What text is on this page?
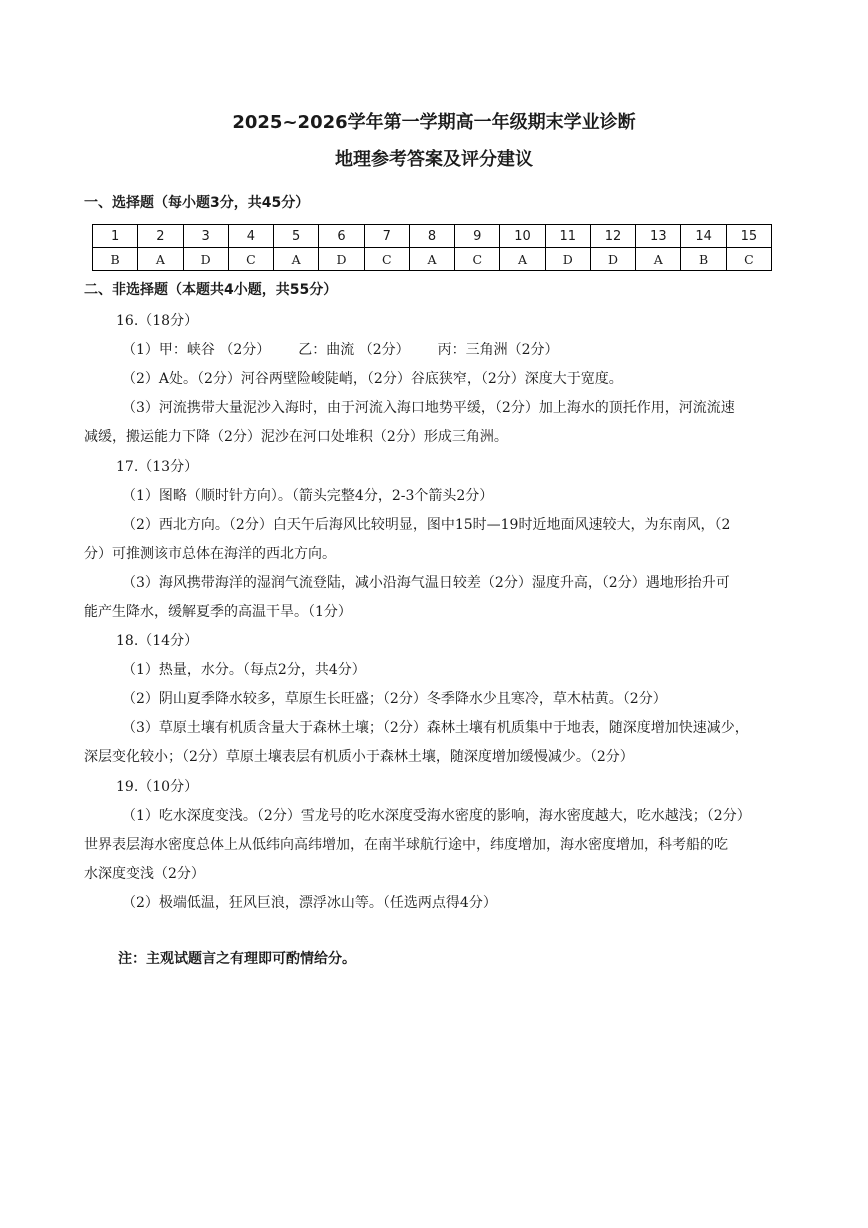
2025~2026学年第一学期高一年级期末学业诊断
地理参考答案及评分建议
一、选择题（每小题3分，共45分）
1	2	3	4	5	6	7	8	9	10	11	12	13	14	15
B	A	D	C	A	D	C	A	C	A	D	D	A	B	C
二、非选择题（本题共4小题，共55分）
16.（18分）
（1）甲：峡谷 （2分） 乙：曲流 （2分） 丙：三角洲（2分）
（2）A处。（2分）河谷两壁险峻陡峭，（2分）谷底狭窄，（2分）深度大于宽度。
（3）河流携带大量泥沙入海时，由于河流入海口地势平缓，（2分）加上海水的顶托作用，河流流速
减缓，搬运能力下降（2分）泥沙在河口处堆积（2分）形成三角洲。
17.（13分）
（1）图略（顺时针方向）。（箭头完整4分，2-3个箭头2分）
（2）西北方向。（2分）白天午后海风比较明显，图中15时—19时近地面风速较大，为东南风，（2
分）可推测该市总体在海洋的西北方向。
（3）海风携带海洋的湿润气流登陆，减小沿海气温日较差（2分）湿度升高，（2分）遇地形抬升可
能产生降水，缓解夏季的高温干旱。（1分）
18.（14分）
（1）热量，水分。（每点2分，共4分）
（2）阴山夏季降水较多，草原生长旺盛；（2分）冬季降水少且寒冷，草木枯黄。（2分）
（3）草原土壤有机质含量大于森林土壤；（2分）森林土壤有机质集中于地表，随深度增加快速减少，
深层变化较小；（2分）草原土壤表层有机质小于森林土壤，随深度增加缓慢减少。（2分）
19.（10分）
（1）吃水深度变浅。（2分）雪龙号的吃水深度受海水密度的影响，海水密度越大，吃水越浅；（2分）
世界表层海水密度总体上从低纬向高纬增加，在南半球航行途中，纬度增加，海水密度增加，科考船的吃
水深度变浅（2分）
（2）极端低温，狂风巨浪，漂浮冰山等。（任选两点得4分）
注：主观试题言之有理即可酌情给分。
